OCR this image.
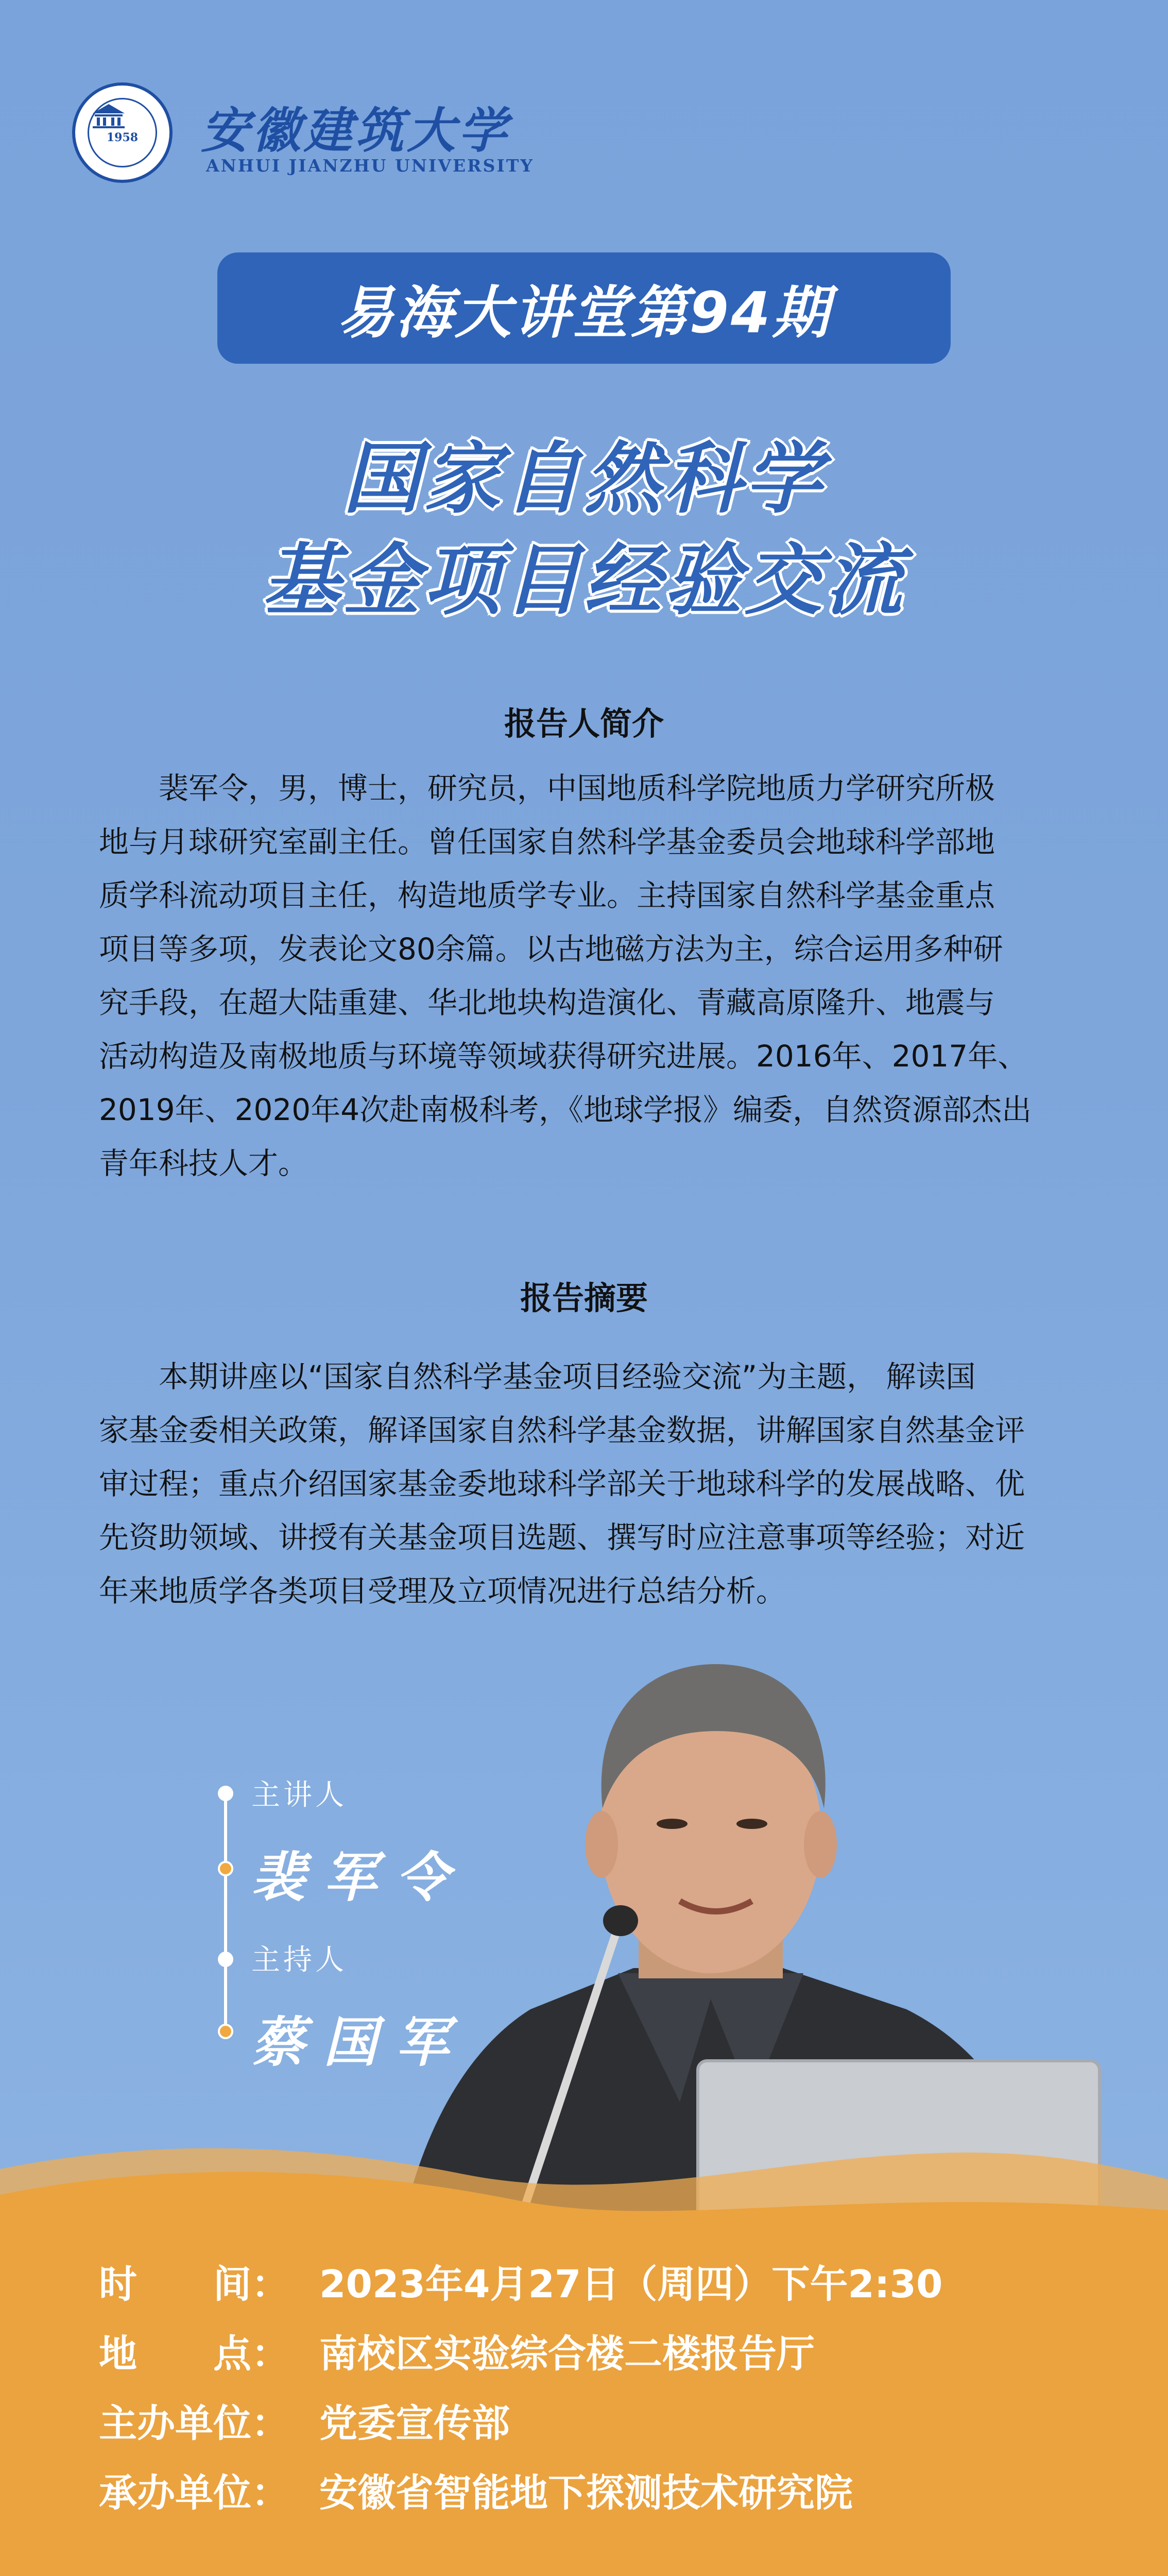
1958	安徽建筑大学
ANHUI JIANZHU UNIVERSITY
易海大讲堂第94期
国家自然科学
基金项目经验交流
报告人简介

裴军令，男，博士，研究员，中国地质科学院地质力学研究所极

地与月球研究室副主任。曾任国家自然科学基金委员会地球科学部地

质学科流动项目主任，构造地质学专业。主持国家自然科学基金重点

项目等多项，发表论文80余篇。以古地磁方法为主，综合运用多种研

究手段，在超大陆重建、华北地块构造演化、青藏高原隆升、地震与

活动构造及南极地质与环境等领域获得研究进展。2016年、2017年、

2019年、2020年4次赴南极科考，《地球学报》编委，自然资源部杰出

青年科技人才。

报告摘要

本期讲座以“国家自然科学基金项目经验交流”为主题， 解读国

家基金委相关政策，解译国家自然科学基金数据，讲解国家自然基金评

审过程；重点介绍国家基金委地球科学部关于地球科学的发展战略、优

先资助领域、讲授有关基金项目选题、撰写时应注意事项等经验；对近

年来地质学各类项目受理及立项情况进行总结分析。

主讲人
裴军令
主持人
蔡国军
时　　间： 2023年4月27日（周四）下午2:30
地　　点： 南校区实验综合楼二楼报告厅
主办单位： 党委宣传部
承办单位： 安徽省智能地下探测技术研究院
